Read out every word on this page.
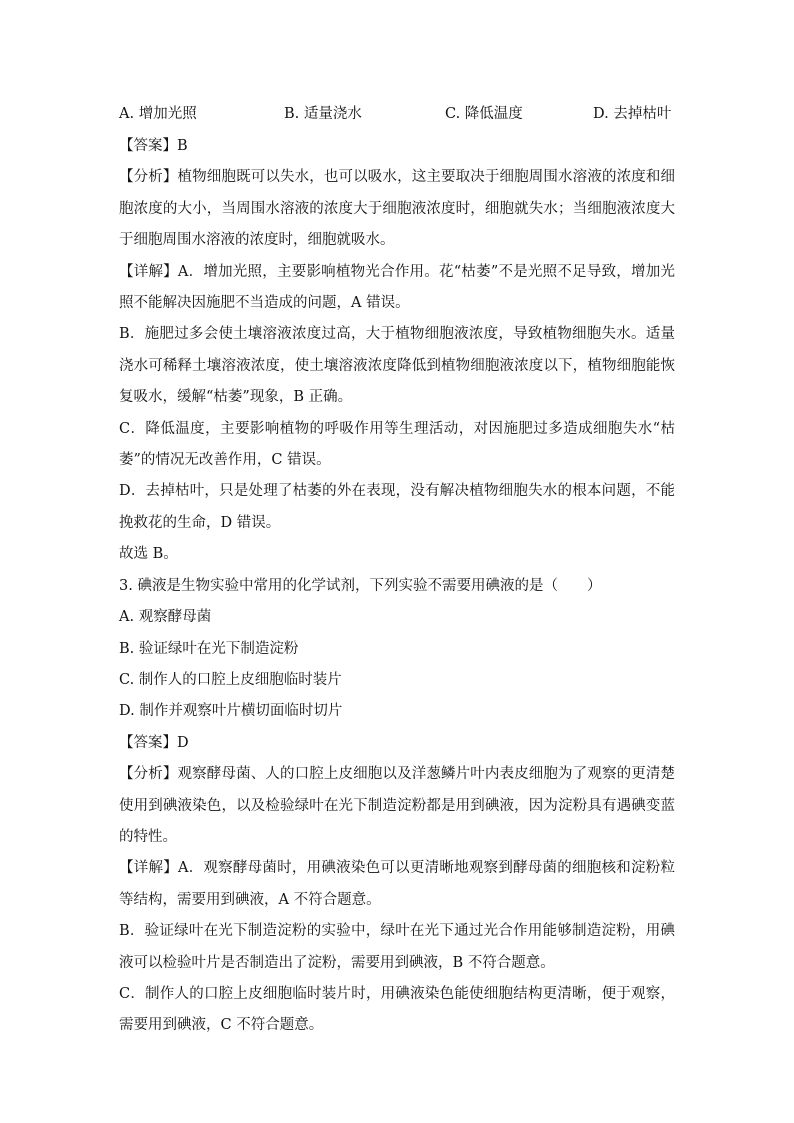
A. 增加光照	B. 适量浇水	C. 降低温度	D. 去掉枯叶

【答案】B

【分析】植物细胞既可以失水，也可以吸水，这主要取决于细胞周围水溶液的浓度和细胞浓度的大小，当周围水溶液的浓度大于细胞液浓度时，细胞就失水；当细胞液浓度大于细胞周围水溶液的浓度时，细胞就吸水。

【详解】A．增加光照，主要影响植物光合作用。花“枯萎”不是光照不足导致，增加光照不能解决因施肥不当造成的问题，A 错误。

B．施肥过多会使土壤溶液浓度过高，大于植物细胞液浓度，导致植物细胞失水。适量浇水可稀释土壤溶液浓度，使土壤溶液浓度降低到植物细胞液浓度以下，植物细胞能恢复吸水，缓解“枯萎”现象，B 正确。

C．降低温度，主要影响植物的呼吸作用等生理活动，对因施肥过多造成细胞失水“枯萎”的情况无改善作用，C 错误。

D．去掉枯叶，只是处理了枯萎的外在表现，没有解决植物细胞失水的根本问题，不能挽救花的生命，D 错误。

故选 B。

3. 碘液是生物实验中常用的化学试剂，下列实验不需要用碘液的是（　　）

A. 观察酵母菌

B. 验证绿叶在光下制造淀粉

C. 制作人的口腔上皮细胞临时装片

D. 制作并观察叶片横切面临时切片

【答案】D

【分析】观察酵母菌、人的口腔上皮细胞以及洋葱鳞片叶内表皮细胞为了观察的更清楚使用到碘液染色，以及检验绿叶在光下制造淀粉都是用到碘液，因为淀粉具有遇碘变蓝的特性。

【详解】A．观察酵母菌时，用碘液染色可以更清晰地观察到酵母菌的细胞核和淀粉粒等结构，需要用到碘液，A 不符合题意。

B．验证绿叶在光下制造淀粉的实验中，绿叶在光下通过光合作用能够制造淀粉，用碘液可以检验叶片是否制造出了淀粉，需要用到碘液，B 不符合题意。

C．制作人的口腔上皮细胞临时装片时，用碘液染色能使细胞结构更清晰，便于观察，需要用到碘液，C 不符合题意。
